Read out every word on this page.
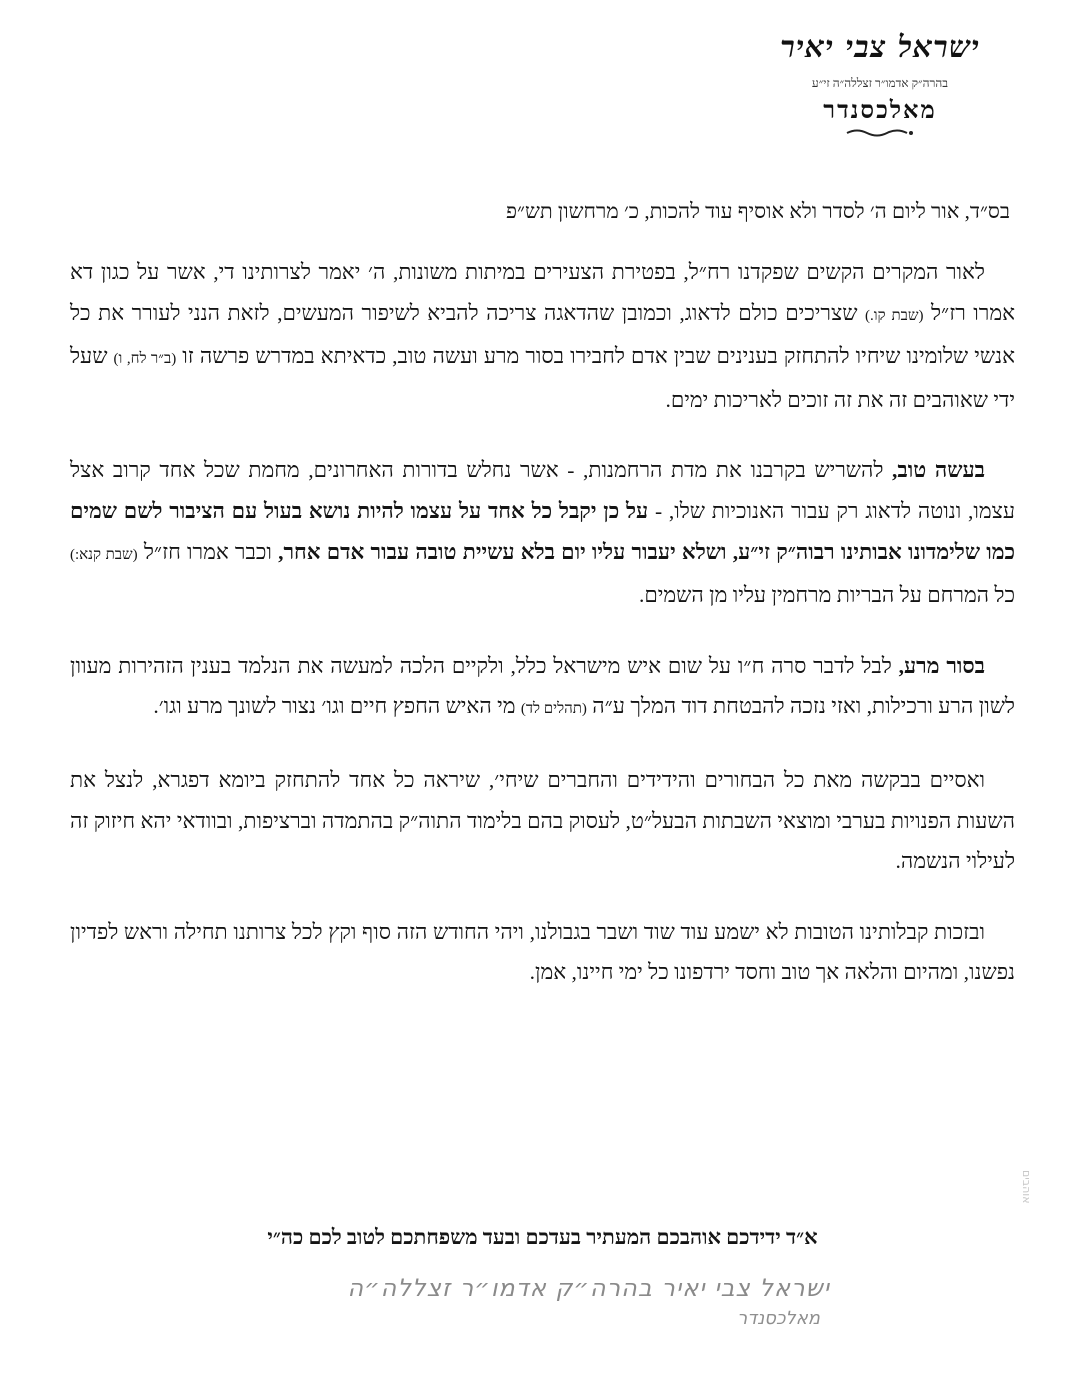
ישראל צבי יאיר
בהרה״ק אדמו״ר זצללה״ה זי״ע
מאלכסנדר
בס״ד, אור ליום ה׳ לסדר ולא אוסיף עוד להכות, כ׳ מרחשון תש״פ

לאור המקרים הקשים שפקדנו רח״ל, בפטירת הצעירים במיתות משונות, ה׳ יאמר לצרותינו די, אשר על כגון דא אמרו רז״ל (שבת קו.) שצריכים כולם לדאוג, וכמובן שהדאגה צריכה להביא לשיפור המעשים, לזאת הנני לעורר את כל אנשי שלומינו שיחיו להתחזק בענינים שבין אדם לחבירו בסור מרע ועשה טוב, כדאיתא במדרש פרשה זו (ב״ר לח, ו) שעל ידי שאוהבים זה את זה זוכים לאריכות ימים.

בעשה טוב, להשריש בקרבנו את מדת הרחמנות, - אשר נחלש בדורות האחרונים, מחמת שכל אחד קרוב אצל עצמו, ונוטה לדאוג רק עבור האנוכיות שלו, - על כן יקבל כל אחד על עצמו להיות נושא בעול עם הציבור לשם שמים כמו שלימדונו אבותינו רבוה״ק זי״ע, ושלא יעבור עליו יום בלא עשיית טובה עבור אדם אחר, וכבר אמרו חז״ל (שבת קנא:) כל המרחם על הבריות מרחמין עליו מן השמים.

בסור מרע, לבל לדבר סרה ח״ו על שום איש מישראל כלל, ולקיים הלכה למעשה את הנלמד בענין הזהירות מעוון לשון הרע ורכילות, ואזי נזכה להבטחת דוד המלך ע״ה (תהלים לד) מי האיש החפץ חיים וגו׳ נצור לשונך מרע וגו׳.

ואסיים בבקשה מאת כל הבחורים והידידים והחברים שיחי׳, שיראה כל אחד להתחזק ביומא דפגרא, לנצל את השעות הפנויות בערבי ומוצאי השבתות הבעל״ט, לעסוק בהם בלימוד התוה״ק בהתמדה וברציפות, ובוודאי יהא חיזוק זה לעילוי הנשמה.

ובזכות קבלותינו הטובות לא ישמע עוד שוד ושבר בגבולנו, ויהי החודש הזה סוף וקץ לכל צרותנו תחילה וראש לפדיון נפשנו, ומהיום והלאה אך טוב וחסד ירדפונו כל ימי חיינו, אמן.

א״ד ידידכם אוהבכם המעתיר בעדכם ובעד משפחתכם לטוב לכם כה״י
ישראל צבי יאיר בהרה״ק אדמו״ר זצללה״ה
מאלכסנדר
אוהבים
